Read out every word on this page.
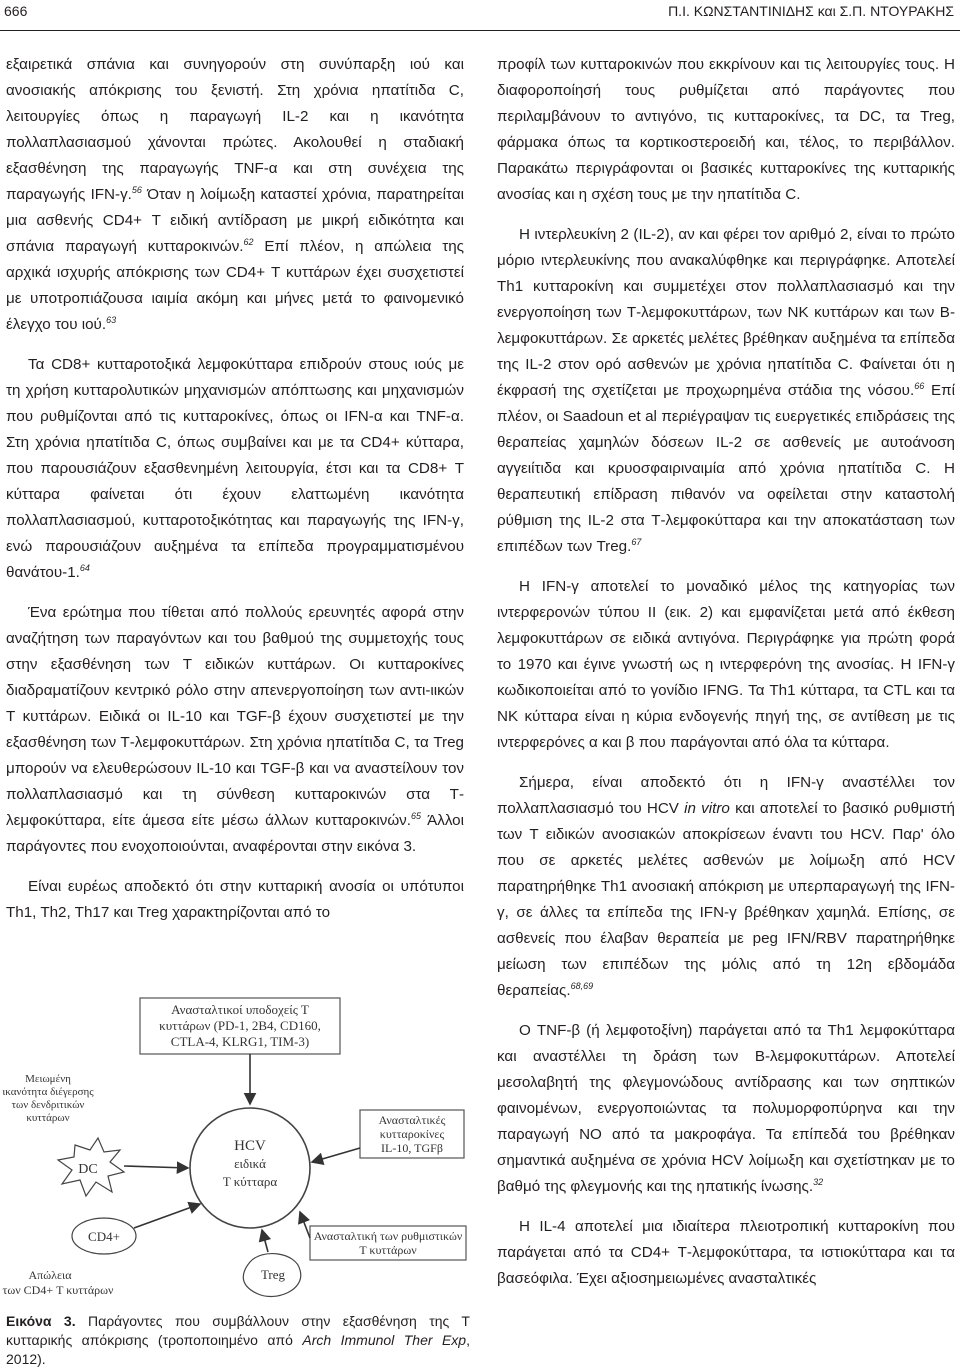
666	Π.Ι. ΚΩΝΣΤΑΝΤΙΝΙΔΗΣ και Σ.Π. ΝΤΟΥΡΑΚΗΣ

εξαιρετικά σπάνια και συνηγορούν στη συνύπαρξη ιού και ανοσιακής απόκρισης του ξενιστή. Στη χρόνια ηπατίτιδα C, λειτουργίες όπως η παραγωγή IL-2 και η ικανότητα πολλαπλασιασμού χάνονται πρώτες. Ακολουθεί η σταδιακή εξασθένηση της παραγωγής TNF-α και στη συνέχεια της παραγωγής IFN-γ.$^{56}$ Όταν η λοίμωξη καταστεί χρόνια, παρατηρείται μια ασθενής CD4+ Τ ειδική αντίδραση με μικρή ειδικότητα και σπάνια παραγωγή κυτταροκινών.$^{62}$ Επί πλέον, η απώλεια της αρχικά ισχυρής απόκρισης των CD4+ Τ κυττάρων έχει συσχετιστεί με υποτροπιάζουσα ιαιμία ακόμη και μήνες μετά το φαινομενικό έλεγχο του ιού.$^{63}$

Τα CD8+ κυτταροτοξικά λεμφοκύτταρα επιδρούν στους ιούς με τη χρήση κυτταρολυτικών μηχανισμών απόπτωσης και μηχανισμών που ρυθμίζονται από τις κυτταροκίνες, όπως οι IFN-α και TNF-α. Στη χρόνια ηπατίτιδα C, όπως συμβαίνει και με τα CD4+ κύτταρα, που παρουσιάζουν εξασθενημένη λειτουργία, έτσι και τα CD8+ Τ κύτταρα φαίνεται ότι έχουν ελαττωμένη ικανότητα πολλαπλασιασμού, κυτταροτοξικότητας και παραγωγής της IFN-γ, ενώ παρουσιάζουν αυξημένα τα επίπεδα προγραμματισμένου θανάτου-1.64

Ένα ερώτημα που τίθεται από πολλούς ερευνητές αφορά στην αναζήτηση των παραγόντων και του βαθμού της συμμετοχής τους στην εξασθένηση των Τ ειδικών κυττάρων. Οι κυτταροκίνες διαδραματίζουν κεντρικό ρόλο στην απενεργοποίηση των αντι-ιικών Τ κυττάρων. Ειδικά οι IL-10 και TGF-β έχουν συσχετιστεί με την εξασθένηση των Τ-λεμφοκυττάρων. Στη χρόνια ηπατίτιδα C, τα Treg μπορούν να ελευθερώσουν IL-10 και TGF-β και να αναστείλουν τον πολλαπλασιασμό και τη σύνθεση κυτταροκινών στα Τ-λεμφοκύτταρα, είτε άμεσα είτε μέσω άλλων κυτταροκινών.$^{65}$ Άλλοι παράγοντες που ενοχοποιούνται, αναφέρονται στην εικόνα 3.

Είναι ευρέως αποδεκτό ότι στην κυτταρική ανοσία οι υπότυποι Th1, Th2, Th17 και Treg χαρακτηρίζονται από το

Ανασταλτικοί υποδοχείς Τ
κυττάρων (PD-1, 2B4, CD160,
CTLA-4, KLRG1, TIM-3)
Μειωμένη
ικανότητα διέγερσης
των δενδριτικών
κυττάρων
DC
HCV
ειδικά
Τ κύτταρα
Ανασταλτικές
κυτταροκίνες
IL-10, TGFβ
CD4+
Απώλεια
των CD4+ Τ κυττάρων
Ανασταλτική των ρυθμιστικών
Τ κυττάρων
Treg
Εικόνα 3. Παράγοντες που συμβάλλουν στην εξασθένηση της Τ κυτταρικής απόκρισης (τροποποιημένο από Arch Immunol Ther Exp, 2012).

προφίλ των κυτταροκινών που εκκρίνουν και τις λειτουργίες τους. Η διαφοροποίησή τους ρυθμίζεται από παράγοντες που περιλαμβάνουν το αντιγόνο, τις κυτταροκίνες, τα DC, τα Treg, φάρμακα όπως τα κορτικοστεροειδή και, τέλος, το περιβάλλον. Παρακάτω περιγράφονται οι βασικές κυτταροκίνες της κυτταρικής ανοσίας και η σχέση τους με την ηπατίτιδα C.

Η ιντερλευκίνη 2 (IL-2), αν και φέρει τον αριθμό 2, είναι το πρώτο μόριο ιντερλευκίνης που ανακαλύφθηκε και περιγράφηκε. Αποτελεί Th1 κυτταροκίνη και συμμετέχει στον πολλαπλασιασμό και την ενεργοποίηση των Τ-λεμφοκυττάρων, των ΝΚ κυττάρων και των Β-λεμφοκυττάρων. Σε αρκετές μελέτες βρέθηκαν αυξημένα τα επίπεδα της IL-2 στον ορό ασθενών με χρόνια ηπατίτιδα C. Φαίνεται ότι η έκφρασή της σχετίζεται με προχωρημένα στάδια της νόσου.$^{66}$ Επί πλέον, οι Saadoun et al περιέγραψαν τις ευεργετικές επιδράσεις της θεραπείας χαμηλών δόσεων IL-2 σε ασθενείς με αυτοάνοση αγγειίτιδα και κρυοσφαιριναιμία από χρόνια ηπατίτιδα C. Η θεραπευτική επίδραση πιθανόν να οφείλεται στην καταστολή ρύθμιση της IL-2 στα Τ-λεμφοκύτταρα και την αποκατάσταση των επιπέδων των Treg.$^{67}$

Η IFN-γ αποτελεί το μοναδικό μέλος της κατηγορίας των ιντερφερονών τύπου II (εικ. 2) και εμφανίζεται μετά από έκθεση λεμφοκυττάρων σε ειδικά αντιγόνα. Περιγράφηκε για πρώτη φορά το 1970 και έγινε γνωστή ως η ιντερφερόνη της ανοσίας. Η IFN-γ κωδικοποιείται από το γονίδιο IFNG. Τα Th1 κύτταρα, τα CTL και τα ΝΚ κύτταρα είναι η κύρια ενδογενής πηγή της, σε αντίθεση με τις ιντερφερόνες α και β που παράγονται από όλα τα κύτταρα.

Σήμερα, είναι αποδεκτό ότι η IFN-γ αναστέλλει τον πολλαπλασιασμό του HCV in vitro και αποτελεί το βασικό ρυθμιστή των Τ ειδικών ανοσιακών αποκρίσεων έναντι του HCV. Παρ' όλο που σε αρκετές μελέτες ασθενών με λοίμωξη από HCV παρατηρήθηκε Th1 ανοσιακή απόκριση με υπερπαραγωγή της IFN-γ, σε άλλες τα επίπεδα της IFN-γ βρέθηκαν χαμηλά. Επίσης, σε ασθενείς που έλαβαν θεραπεία με peg IFN/RBV παρατηρήθηκε μείωση των επιπέδων της μόλις από τη 12η εβδομάδα θεραπείας.$^{68,69}$

Ο TNF-β (ή λεμφοτοξίνη) παράγεται από τα Th1 λεμφοκύτταρα και αναστέλλει τη δράση των Β-λεμφοκυττάρων. Αποτελεί μεσολαβητή της φλεγμονώδους αντίδρασης και των σηπτικών φαινομένων, ενεργοποιώντας τα πολυμορφοπύρηνα και την παραγωγή ΝΟ από τα μακροφάγα. Τα επίπεδά του βρέθηκαν σημαντικά αυξημένα σε χρόνια HCV λοίμωξη και σχετίστηκαν με το βαθμό της φλεγμονής και της ηπατικής ίνωσης.$^{32}$

Η IL-4 αποτελεί μια ιδιαίτερα πλειοτροπική κυτταροκίνη που παράγεται από τα CD4+ Τ-λεμφοκύτταρα, τα ιστιοκύτταρα και τα βασεόφιλα. Έχει αξιοσημειωμένες ανασταλτικές
